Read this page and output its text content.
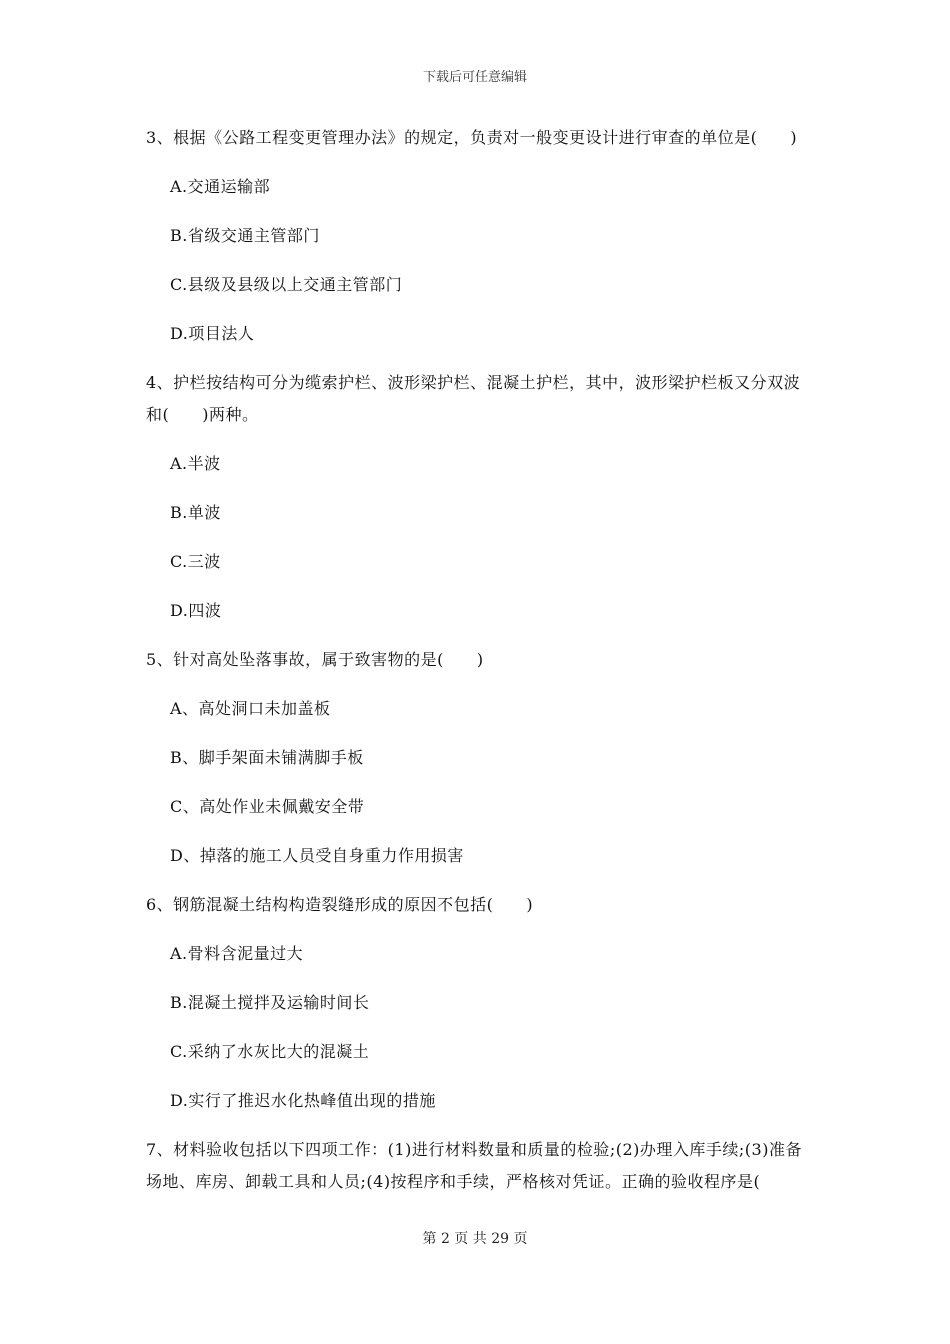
下载后可任意编辑

3、根据《公路工程变更管理办法》的规定，负责对一般变更设计进行审查的单位是(　　)

A.交通运输部

B.省级交通主管部门

C.县级及县级以上交通主管部门

D.项目法人

4、护栏按结构可分为缆索护栏、波形梁护栏、混凝土护栏，其中，波形梁护栏板又分双波和(　　)两种。

A.半波

B.单波

C.三波

D.四波

5、针对高处坠落事故，属于致害物的是(　　)

A、高处洞口未加盖板

B、脚手架面未铺满脚手板

C、高处作业未佩戴安全带

D、掉落的施工人员受自身重力作用损害

6、钢筋混凝土结构构造裂缝形成的原因不包括(　　)

A.骨料含泥量过大

B.混凝土搅拌及运输时间长

C.采纳了水灰比大的混凝土

D.实行了推迟水化热峰值出现的措施

7、材料验收包括以下四项工作：(1)进行材料数量和质量的检验;(2)办理入库手续;(3)准备场地、库房、卸载工具和人员;(4)按程序和手续，严格核对凭证。正确的验收程序是(

第 2 页 共 29 页
